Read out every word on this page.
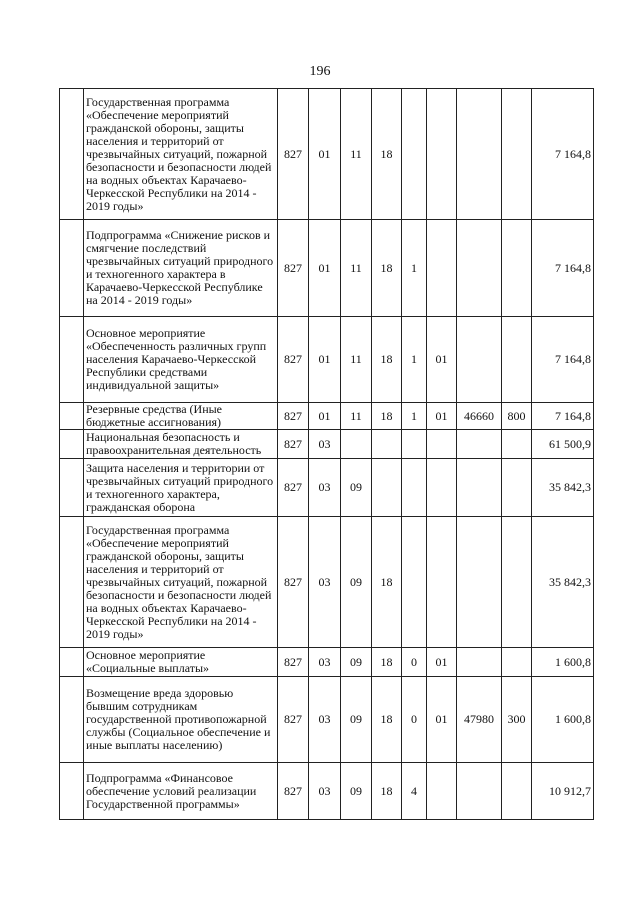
196
	Государственная программа «Обеспечение мероприятий гражданской обороны, защиты населения и территорий от чрезвычайных ситуаций, пожарной безопасности и безопасности людей на водных объектах Карачаево-Черкесской Республики на 2014 - 2019 годы»	827	01	11	18					7 164,8
	Подпрограмма «Снижение рисков и смягчение последствий чрезвычайных ситуаций природного и техногенного характера в Карачаево-Черкесской Республике на 2014 - 2019 годы»	827	01	11	18	1				7 164,8
	Основное мероприятие «Обеспеченность различных групп населения Карачаево-Черкесской Республики средствами индивидуальной защиты»	827	01	11	18	1	01			7 164,8
	Резервные средства (Иные бюджетные ассигнования)	827	01	11	18	1	01	46660	800	7 164,8
	Национальная безопасность и правоохранительная деятельность	827	03							61 500,9
	Защита населения и территории от чрезвычайных ситуаций природного и техногенного характера, гражданская оборона	827	03	09						35 842,3
	Государственная программа «Обеспечение мероприятий гражданской обороны, защиты населения и территорий от чрезвычайных ситуаций, пожарной безопасности и безопасности людей на водных объектах Карачаево-Черкесской Республики на 2014 - 2019 годы»	827	03	09	18					35 842,3
	Основное мероприятие «Социальные выплаты»	827	03	09	18	0	01			1 600,8
	Возмещение вреда здоровью бывшим сотрудникам государственной противопожарной службы (Социальное обеспечение и иные выплаты населению)	827	03	09	18	0	01	47980	300	1 600,8
	Подпрограмма «Финансовое обеспечение условий реализации Государственной программы»	827	03	09	18	4				10 912,7
